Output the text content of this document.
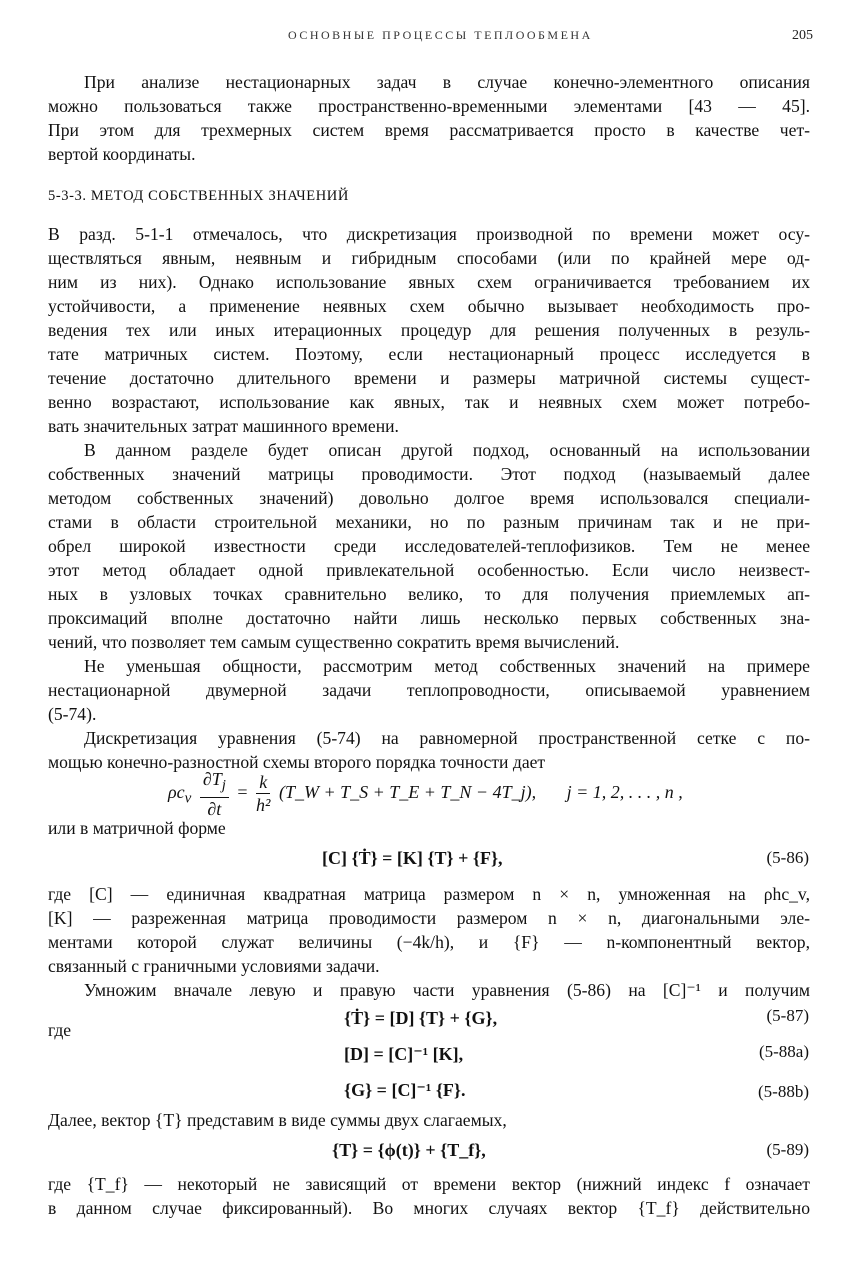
ОСНОВНЫЕ ПРОЦЕССЫ ТЕПЛООБМЕНА	205
При анализе нестационарных задач в случае конечно-элементного описания
можно пользоваться также пространственно-временными элементами [43 — 45].
При этом для трехмерных систем время рассматривается просто в качестве чет-
вертой координаты.
5-3-3. МЕТОД СОБСТВЕННЫХ ЗНАЧЕНИЙ
В разд. 5-1-1 отмечалось, что дискретизация производной по времени может осу-
ществляться явным, неявным и гибридным способами (или по крайней мере од-
ним из них). Однако использование явных схем ограничивается требованием их
устойчивости, а применение неявных схем обычно вызывает необходимость про-
ведения тех или иных итерационных процедур для решения полученных в резуль-
тате матричных систем. Поэтому, если нестационарный процесс исследуется в
течение достаточно длительного времени и размеры матричной системы сущест-
венно возрастают, использование как явных, так и неявных схем может потребо-
вать значительных затрат машинного времени.
В данном разделе будет описан другой подход, основанный на использовании
собственных значений матрицы проводимости. Этот подход (называемый далее
методом собственных значений) довольно долгое время использовался специали-
стами в области строительной механики, но по разным причинам так и не при-
обрел широкой известности среди исследователей-теплофизиков. Тем не менее
этот метод обладает одной привлекательной особенностью. Если число неизвест-
ных в узловых точках сравнительно велико, то для получения приемлемых ап-
проксимаций вполне достаточно найти лишь несколько первых собственных зна-
чений, что позволяет тем самым существенно сократить время вычислений.
Не уменьшая общности, рассмотрим метод собственных значений на примере
нестационарной двумерной задачи теплопроводности, описываемой уравнением
(5-74).
Дискретизация уравнения (5-74) на равномерной пространственной сетке с по-
мощью конечно-разностной схемы второго порядка точности дает
$\rho c_v \frac{\partial T_j}{\partial t} = \frac{k}{\text{h²}}$ (T_W + T_S + T_E + T_N − 4T_j), j = 1, 2, . . . , n ,
или в матричной форме
[C] {Ṫ} = [K] {T} + {F},	(5-86)
где [C] — единичная квадратная матрица размером n × n, умноженная на ρhc_v,
[K] — разреженная матрица проводимости размером n × n, диагональными эле-
ментами которой служат величины (−4k/h), и {F} — n-компонентный вектор,
связанный с граничными условиями задачи.
Умножим вначале левую и правую части уравнения (5-86) на [C]⁻¹ и получим
{Ṫ} = [D] {T} + {G},	(5-87)
где
[D] = [C]⁻¹ [K],	(5-88a)
{G} = [C]⁻¹ {F}.	(5-88b)
Далее, вектор {T} представим в виде суммы двух слагаемых,
{T} = {ϕ(t)} + {T_f},	(5-89)
где {T_f} — некоторый не зависящий от времени вектор (нижний индекс f означает
в данном случае фиксированный). Во многих случаях вектор {T_f} действительно
